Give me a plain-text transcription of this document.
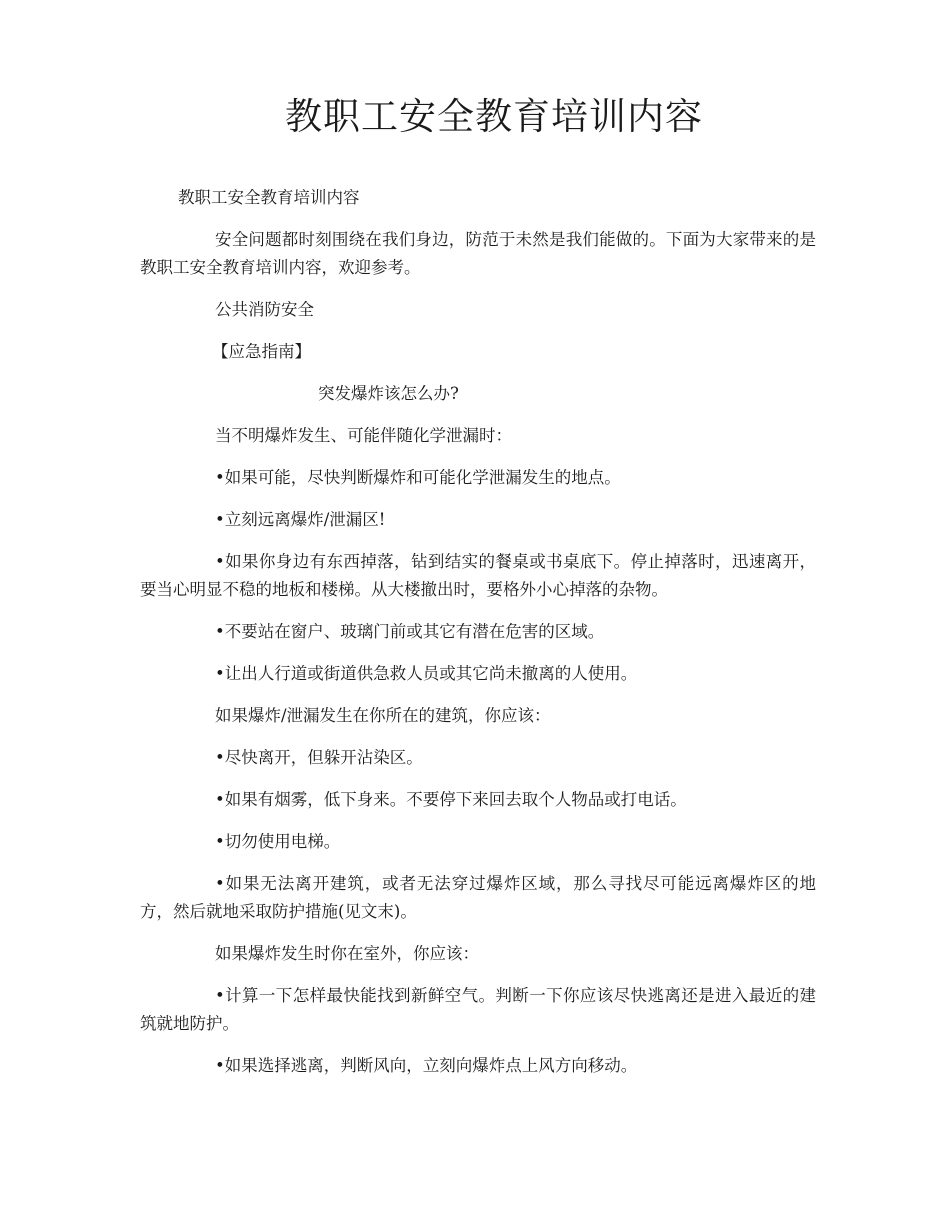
教职工安全教育培训内容

教职工安全教育培训内容

安全问题都时刻围绕在我们身边，防范于未然是我们能做的。下面为大家带来的是教职工安全教育培训内容，欢迎参考。

公共消防安全

【应急指南】

突发爆炸该怎么办?

当不明爆炸发生、可能伴随化学泄漏时：

•如果可能，尽快判断爆炸和可能化学泄漏发生的地点。

•立刻远离爆炸/泄漏区!

•如果你身边有东西掉落，钻到结实的餐桌或书桌底下。停止掉落时，迅速离开，要当心明显不稳的地板和楼梯。从大楼撤出时，要格外小心掉落的杂物。

•不要站在窗户、玻璃门前或其它有潜在危害的区域。

•让出人行道或街道供急救人员或其它尚未撤离的人使用。

如果爆炸/泄漏发生在你所在的建筑，你应该：

•尽快离开，但躲开沾染区。

•如果有烟雾，低下身来。不要停下来回去取个人物品或打电话。

•切勿使用电梯。

•如果无法离开建筑，或者无法穿过爆炸区域，那么寻找尽可能远离爆炸区的地方，然后就地采取防护措施(见文末)。

如果爆炸发生时你在室外，你应该：

•计算一下怎样最快能找到新鲜空气。判断一下你应该尽快逃离还是进入最近的建筑就地防护。

•如果选择逃离，判断风向，立刻向爆炸点上风方向移动。
